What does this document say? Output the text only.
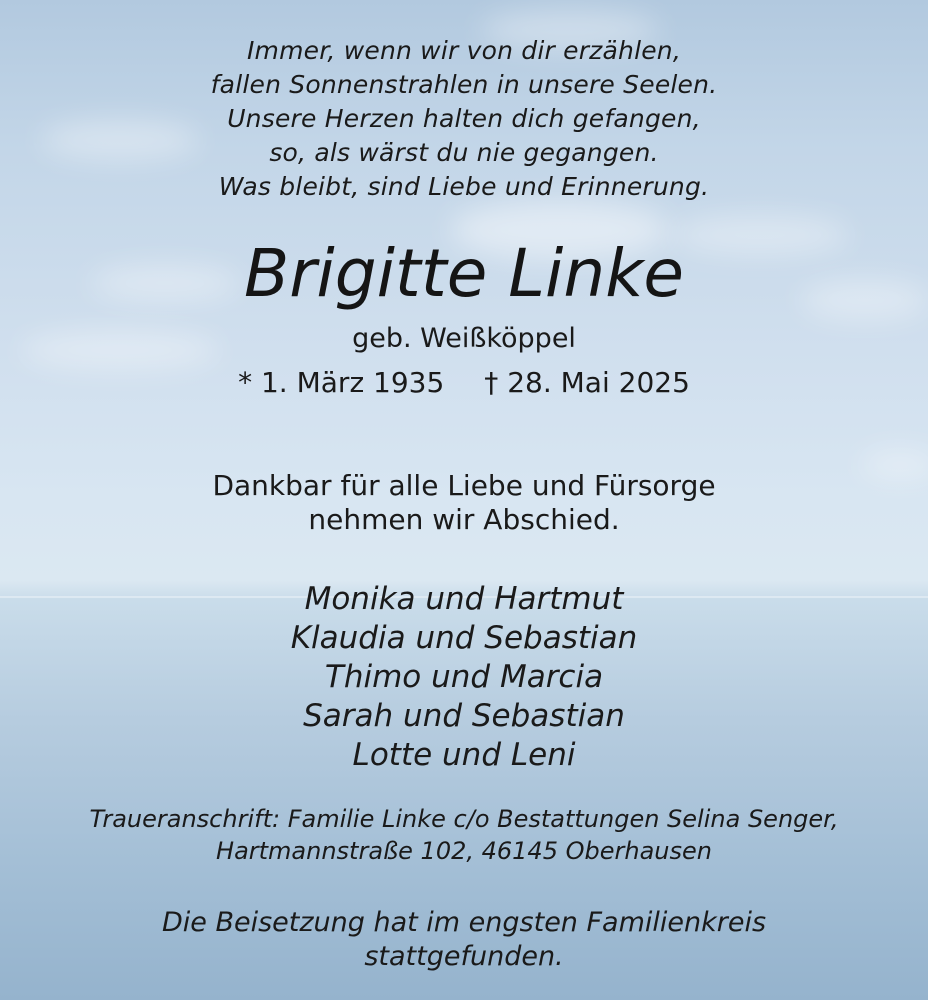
Immer, wenn wir von dir erzählen,
fallen Sonnenstrahlen in unsere Seelen.
Unsere Herzen halten dich gefangen,
so, als wärst du nie gegangen.
Was bleibt, sind Liebe und Erinnerung.
Brigitte Linke
geb. Weißköppel
* 1. März 1935 † 28. Mai 2025
Dankbar für alle Liebe und Fürsorge
nehmen wir Abschied.
Monika und Hartmut
Klaudia und Sebastian
Thimo und Marcia
Sarah und Sebastian
Lotte und Leni
Traueranschrift: Familie Linke c/o Bestattungen Selina Senger,
Hartmannstraße 102, 46145 Oberhausen
Die Beisetzung hat im engsten Familienkreis
stattgefunden.
